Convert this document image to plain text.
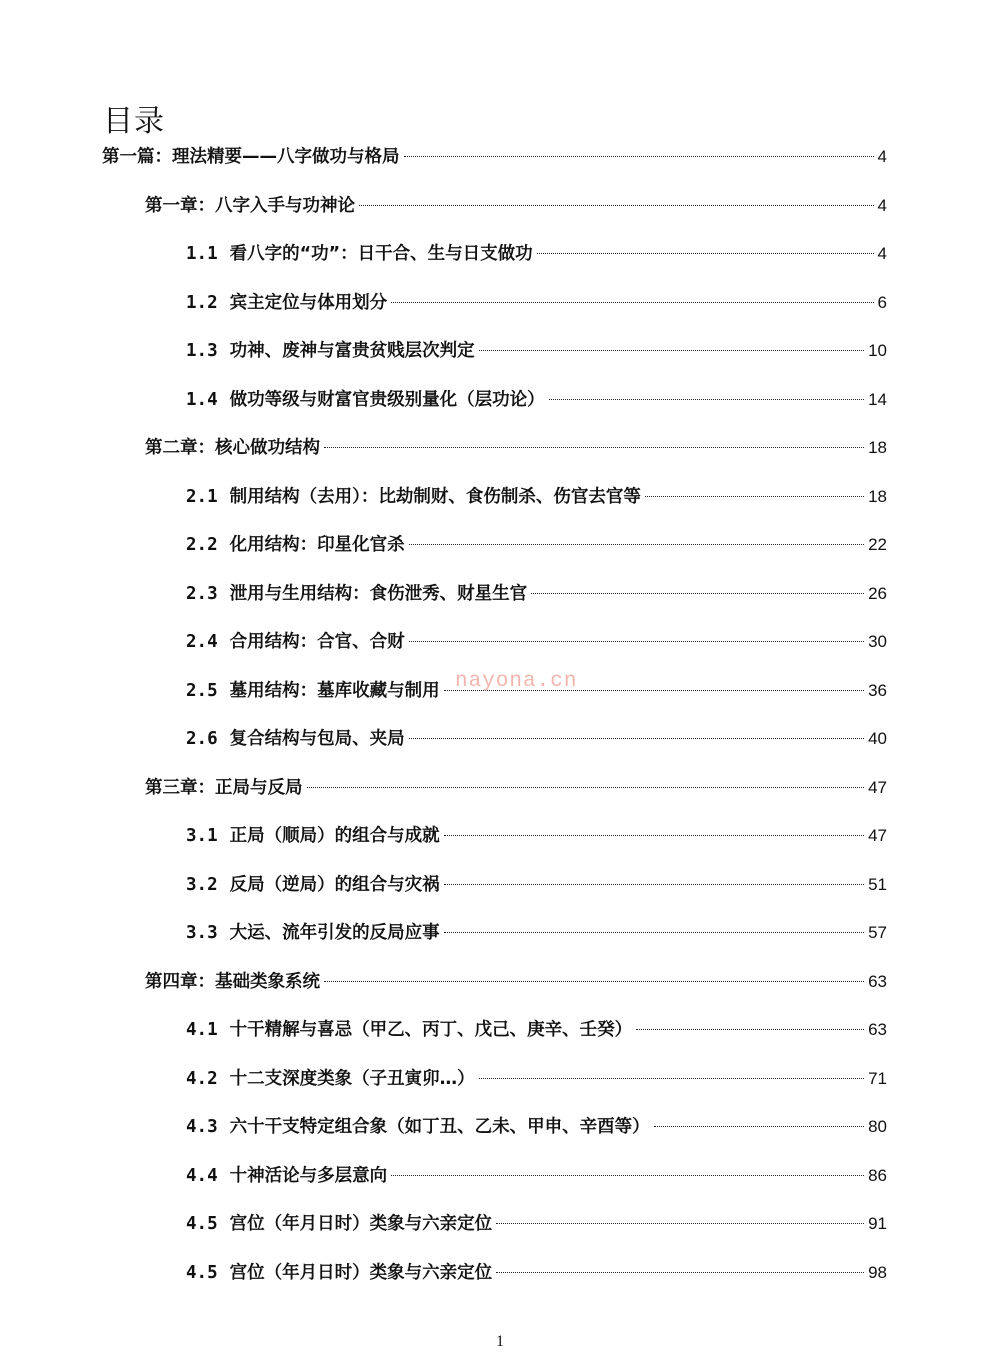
目录
第一篇：理法精要——八字做功与格局	4
第一章：八字入手与功神论	4
1.1 看八字的“功”：日干合、生与日支做功	4
1.2 宾主定位与体用划分	6
1.3 功神、废神与富贵贫贱层次判定	10
1.4 做功等级与财富官贵级别量化（层功论）	14
第二章：核心做功结构	18
2.1 制用结构（去用）：比劫制财、食伤制杀、伤官去官等	18
2.2 化用结构：印星化官杀	22
2.3 泄用与生用结构：食伤泄秀、财星生官	26
2.4 合用结构：合官、合财	30
2.5 墓用结构：墓库收藏与制用	36
2.6 复合结构与包局、夹局	40
第三章：正局与反局	47
3.1 正局（顺局）的组合与成就	47
3.2 反局（逆局）的组合与灾祸	51
3.3 大运、流年引发的反局应事	57
第四章：基础类象系统	63
4.1 十干精解与喜忌（甲乙、丙丁、戊己、庚辛、壬癸）	63
4.2 十二支深度类象（子丑寅卯…）	71
4.3 六十干支特定组合象（如丁丑、乙未、甲申、辛酉等）	80
4.4 十神活论与多层意向	86
4.5 宫位（年月日时）类象与六亲定位	91
4.5 宫位（年月日时）类象与六亲定位	98
nayona.cn
1
